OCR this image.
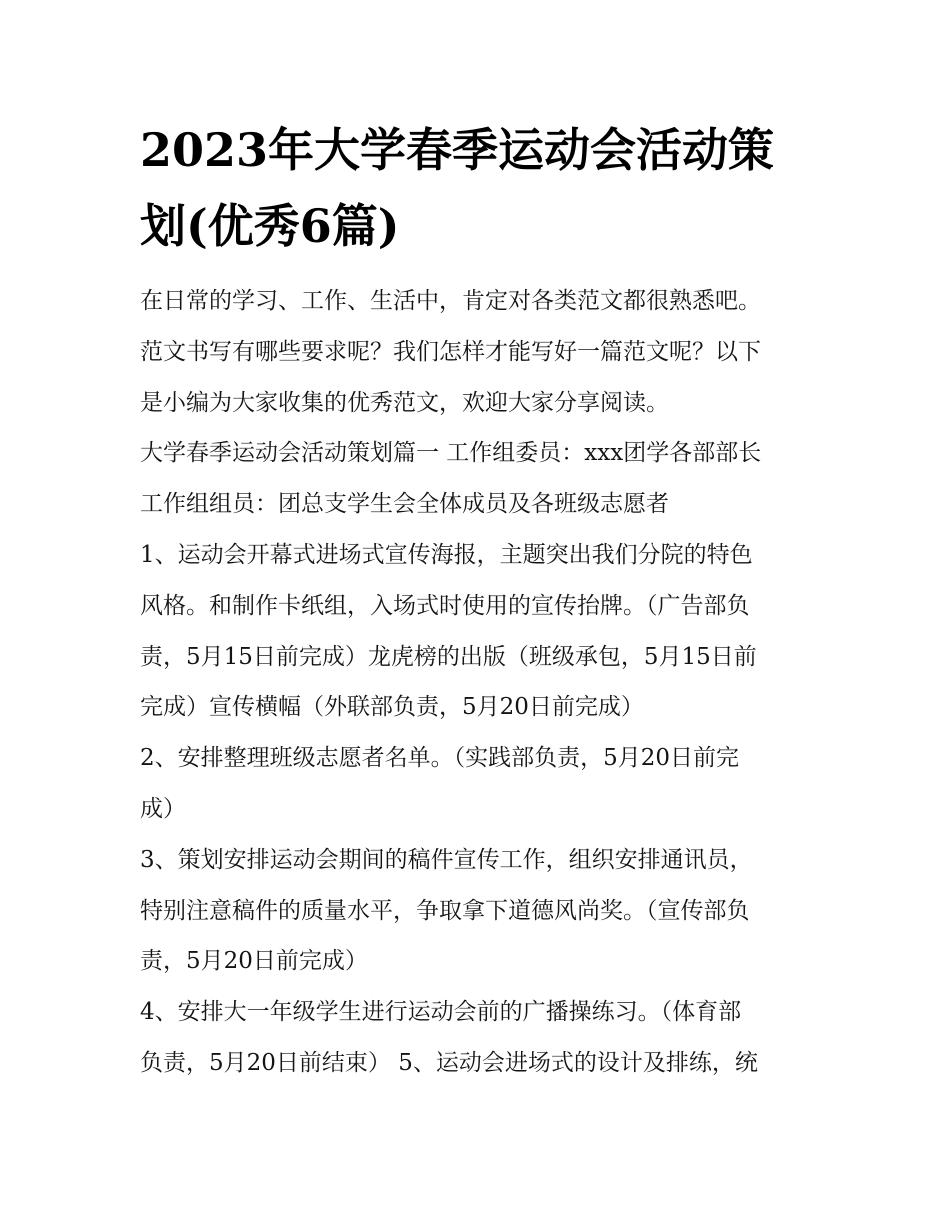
2023年大学春季运动会活动策
划(优秀6篇)
在日常的学习、工作、生活中，肯定对各类范文都很熟悉吧。
范文书写有哪些要求呢？我们怎样才能写好一篇范文呢？以下
是小编为大家收集的优秀范文，欢迎大家分享阅读。
大学春季运动会活动策划篇一 工作组委员：xxx团学各部部长
工作组组员：团总支学生会全体成员及各班级志愿者
1、运动会开幕式进场式宣传海报，主题突出我们分院的特色
风格。和制作卡纸组，入场式时使用的宣传抬牌。（广告部负
责，5月15日前完成）龙虎榜的出版（班级承包，5月15日前
完成）宣传横幅（外联部负责，5月20日前完成）
2、安排整理班级志愿者名单。（实践部负责，5月20日前完
成）
3、策划安排运动会期间的稿件宣传工作，组织安排通讯员，
特别注意稿件的质量水平，争取拿下道德风尚奖。（宣传部负
责，5月20日前完成）
4、安排大一年级学生进行运动会前的广播操练习。（体育部
负责，5月20日前结束） 5、运动会进场式的设计及排练，统
